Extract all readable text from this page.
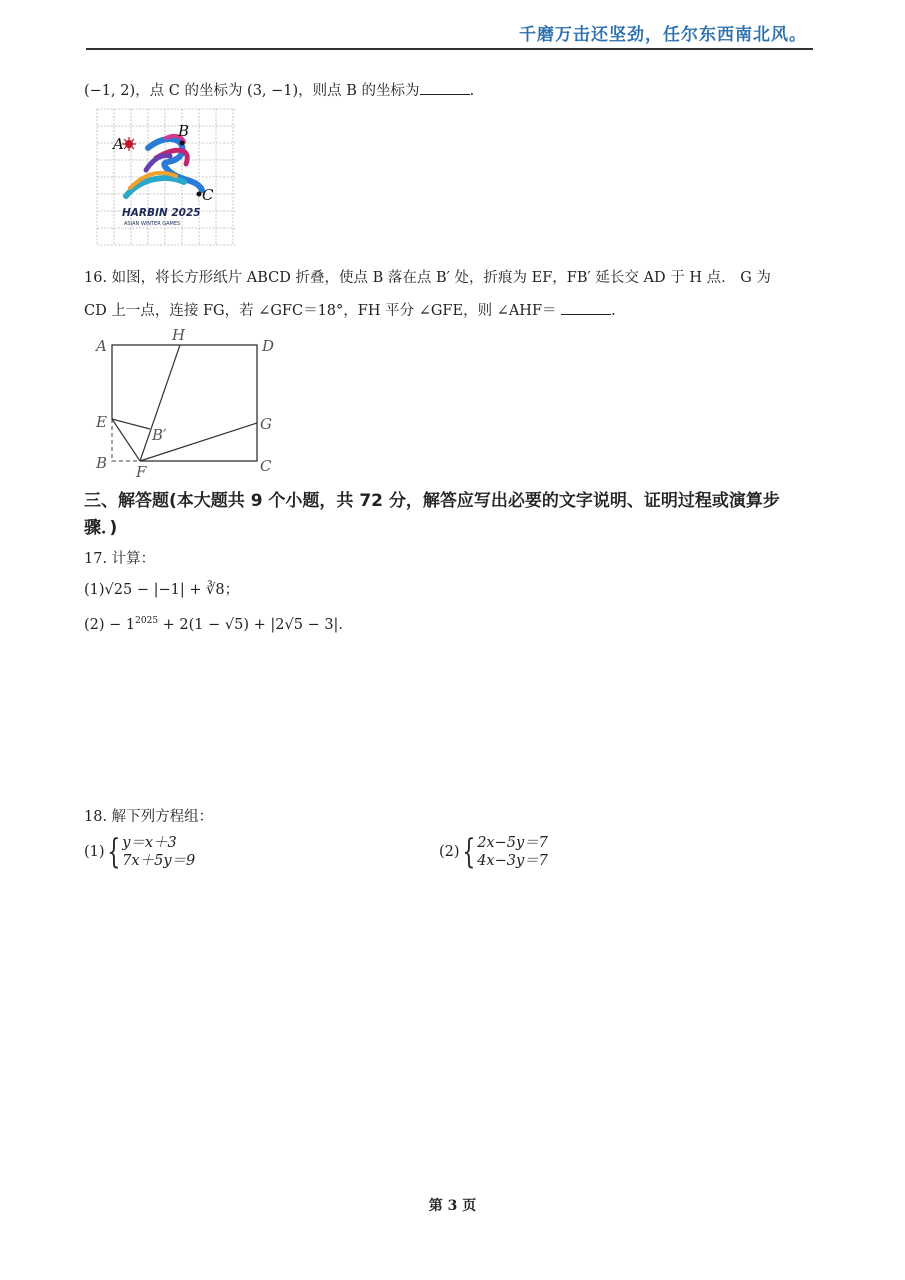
千磨万击还坚劲，任尔东西南北风。
(−1, 2)，点 C 的坐标为 (3, −1)，则点 B 的坐标为	.
A
B
C
HARBIN 2025
ASIAN WINTER GAMES
16. 如图，将长方形纸片 ABCD 折叠，使点 B 落在点 B′ 处，折痕为 EF，FB′ 延长交 AD 于 H 点． G 为
CD 上一点，连接 FG，若 ∠GFC＝18°，FH 平分 ∠GFE，则 ∠AHF＝	.
A
H
D
E
B′
G
B F	C
三、解答题(本大题共 9 个小题，共 72 分，解答应写出必要的文字说明、证明过程或演算步
骤．)
17. 计算：
(1)√25 − |−1| + ∛8；
$(2) - 1^{2025} + 2(1 - √5) + |2√5 - 3|$.
18. 解下列方程组：
(1){ y＝x＋3
7x＋5y＝9
(2){ 2x−5y＝7
4x−3y＝7
第 3 页
